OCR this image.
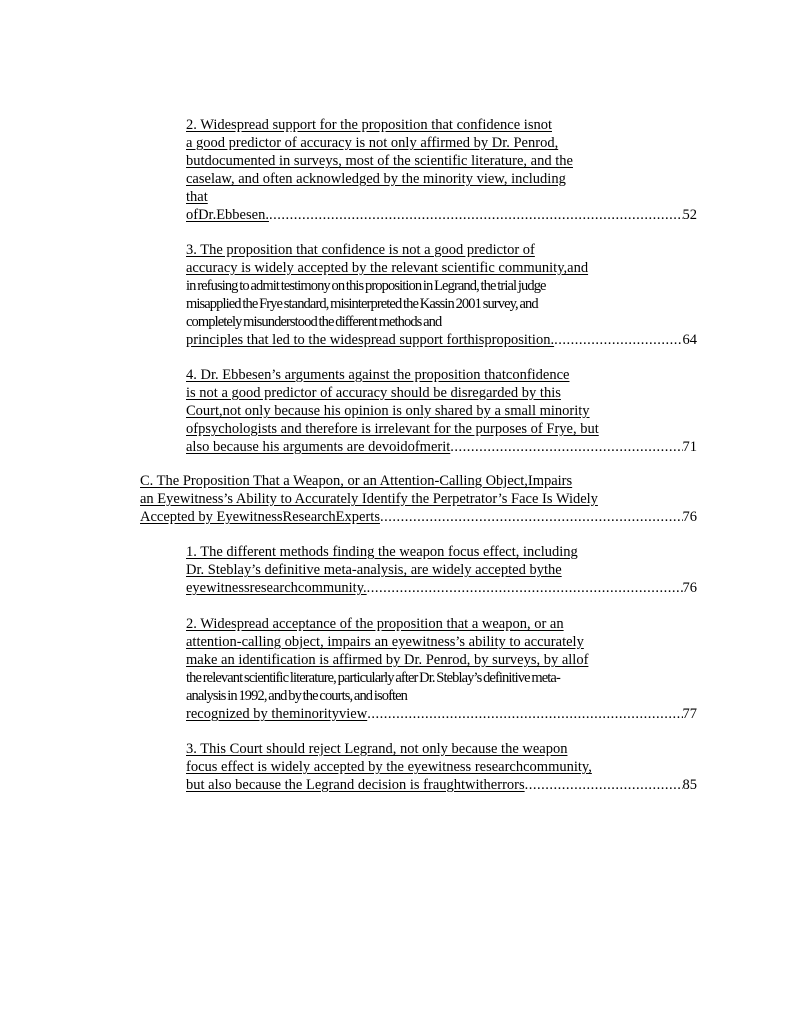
2. Widespread support for the proposition that confidence isnot
a good predictor of accuracy is not only affirmed by Dr. Penrod,
butdocumented in surveys, most of the scientific literature, and the
caselaw, and often acknowledged by the minority view, including
that
ofDr.Ebbesen. .....	52
3. The proposition that confidence is not a good predictor of
accuracy is widely accepted by the relevant scientific community,and
in refusing to admit testimony on this proposition in Legrand, the trial judge
misapplied the Frye standard, misinterpreted the Kassin 2001 survey, and
completely misunderstood the different methods and
principles that led to the widespread support forthisproposition. .....	64
4. Dr. Ebbesen’s arguments against the proposition thatconfidence
is not a good predictor of accuracy should be disregarded by this
Court,not only because his opinion is only shared by a small minority
ofpsychologists and therefore is irrelevant for the purposes of Frye, but
also because his arguments are devoidofmerit .....	71
C. The Proposition That a Weapon, or an Attention-Calling Object,Impairs
an Eyewitness’s Ability to Accurately Identify the Perpetrator’s Face Is Widely
Accepted by EyewitnessResearchExperts .....	76
1. The different methods finding the weapon focus effect, including
Dr. Steblay’s definitive meta-analysis, are widely accepted bythe
eyewitnessresearchcommunity. .....	76
2. Widespread acceptance of the proposition that a weapon, or an
attention-calling object, impairs an eyewitness’s ability to accurately
make an identification is affirmed by Dr. Penrod, by surveys, by allof
the relevant scientific literature, particularly after Dr. Steblay’s definitive meta-
analysis in 1992, and by the courts, and isoften
recognized by theminorityview .....	77
3. This Court should reject Legrand, not only because the weapon
focus effect is widely accepted by the eyewitness researchcommunity,
but also because the Legrand decision is fraughtwitherrors .....	85
